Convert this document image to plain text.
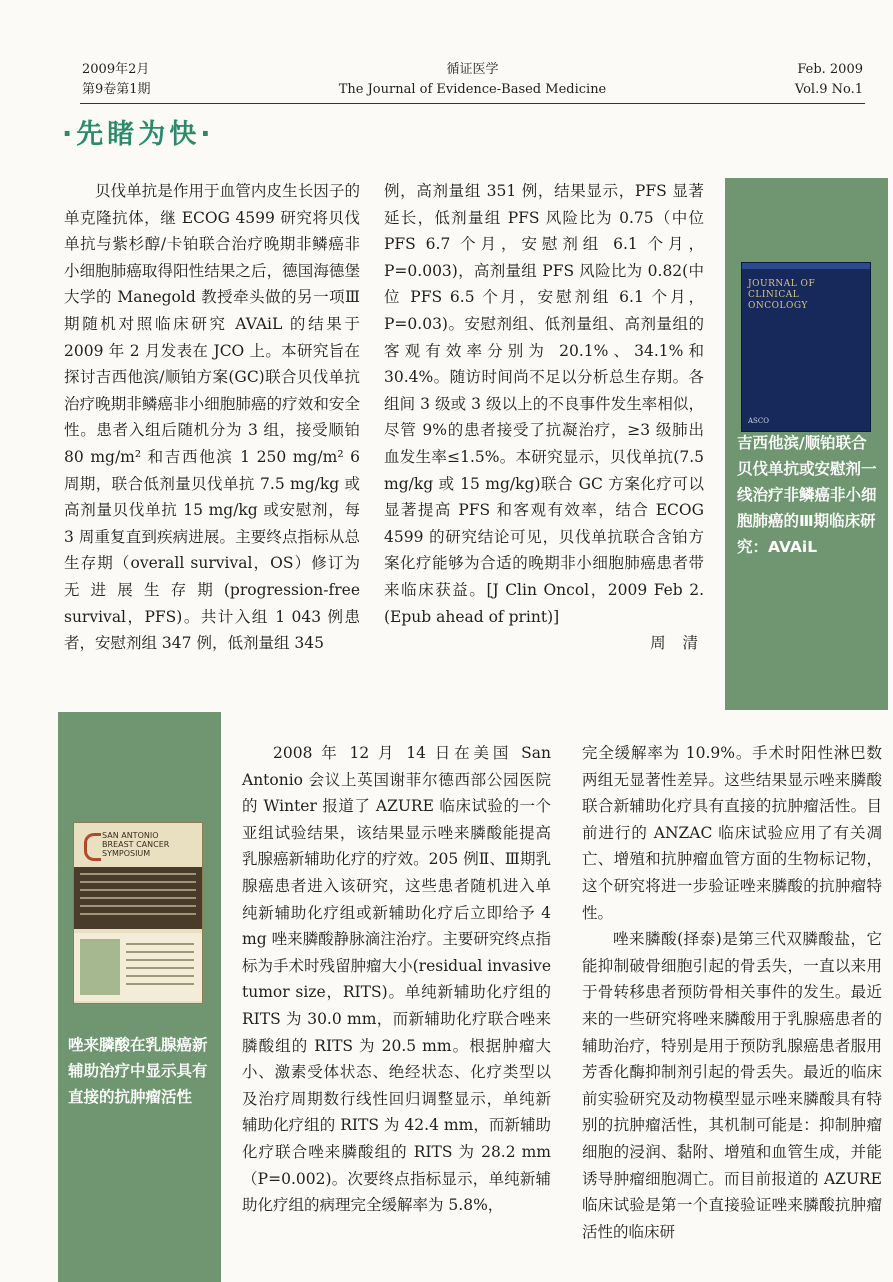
2009年2月
第9卷第1期
循证医学
The Journal of Evidence-Based Medicine
Feb. 2009
Vol.9 No.1
·先睹为快·

贝伐单抗是作用于血管内皮生长因子的单克隆抗体，继 ECOG 4599 研究将贝伐单抗与紫杉醇/卡铂联合治疗晚期非鳞癌非小细胞肺癌取得阳性结果之后，德国海德堡大学的 Manegold 教授牵头做的另一项Ⅲ期随机对照临床研究 AVAiL 的结果于 2009 年 2 月发表在 JCO 上。本研究旨在探讨吉西他滨/顺铂方案(GC)联合贝伐单抗治疗晚期非鳞癌非小细胞肺癌的疗效和安全性。患者入组后随机分为 3 组，接受顺铂 80 mg/m² 和吉西他滨 1 250 mg/m² 6 周期，联合低剂量贝伐单抗 7.5 mg/kg 或高剂量贝伐单抗 15 mg/kg 或安慰剂，每 3 周重复直到疾病进展。主要终点指标从总生存期（overall survival，OS）修订为无进展生存期(progression-free survival，PFS)。共计入组 1 043 例患者，安慰剂组 347 例，低剂量组 345

例，高剂量组 351 例，结果显示，PFS 显著延长，低剂量组 PFS 风险比为 0.75（中位 PFS 6.7 个月，安慰剂组 6.1 个月，P=0.003)，高剂量组 PFS 风险比为 0.82(中位 PFS 6.5 个月，安慰剂组 6.1 个月，P=0.03)。安慰剂组、低剂量组、高剂量组的客观有效率分别为 20.1%、34.1%和 30.4%。随访时间尚不足以分析总生存期。各组间 3 级或 3 级以上的不良事件发生率相似，尽管 9%的患者接受了抗凝治疗，≥3 级肺出血发生率≤1.5%。本研究显示，贝伐单抗(7.5 mg/kg 或 15 mg/kg)联合 GC 方案化疗可以显著提高 PFS 和客观有效率，结合 ECOG 4599 的研究结论可见，贝伐单抗联合含铂方案化疗能够为合适的晚期非小细胞肺癌患者带来临床获益。[J Clin Oncol，2009 Feb 2. (Epub ahead of print)]

周 清
JOURNAL OF CLINICAL ONCOLOGY
ASCO
吉西他滨/顺铂联合贝伐单抗或安慰剂一线治疗非鳞癌非小细胞肺癌的Ⅲ期临床研究：AVAiL
SAN ANTONIO BREAST CANCER SYMPOSIUM
唑来膦酸在乳腺癌新辅助治疗中显示具有直接的抗肿瘤活性

2008 年 12 月 14 日在美国 San Antonio 会议上英国谢菲尔德西部公园医院的 Winter 报道了 AZURE 临床试验的一个亚组试验结果，该结果显示唑来膦酸能提高乳腺癌新辅助化疗的疗效。205 例Ⅱ、Ⅲ期乳腺癌患者进入该研究，这些患者随机进入单纯新辅助化疗组或新辅助化疗后立即给予 4 mg 唑来膦酸静脉滴注治疗。主要研究终点指标为手术时残留肿瘤大小(residual invasive tumor size，RITS)。单纯新辅助化疗组的 RITS 为 30.0 mm，而新辅助化疗联合唑来膦酸组的 RITS 为 20.5 mm。根据肿瘤大小、激素受体状态、绝经状态、化疗类型以及治疗周期数行线性回归调整显示，单纯新辅助化疗组的 RITS 为 42.4 mm，而新辅助化疗联合唑来膦酸组的 RITS 为 28.2 mm（P=0.002)。次要终点指标显示，单纯新辅助化疗组的病理完全缓解率为 5.8%，

完全缓解率为 10.9%。手术时阳性淋巴数两组无显著性差异。这些结果显示唑来膦酸联合新辅助化疗具有直接的抗肿瘤活性。目前进行的 ANZAC 临床试验应用了有关凋亡、增殖和抗肿瘤血管方面的生物标记物，这个研究将进一步验证唑来膦酸的抗肿瘤特性。

唑来膦酸(择泰)是第三代双膦酸盐，它能抑制破骨细胞引起的骨丢失，一直以来用于骨转移患者预防骨相关事件的发生。最近来的一些研究将唑来膦酸用于乳腺癌患者的辅助治疗，特别是用于预防乳腺癌患者服用芳香化酶抑制剂引起的骨丢失。最近的临床前实验研究及动物模型显示唑来膦酸具有特别的抗肿瘤活性，其机制可能是：抑制肿瘤细胞的浸润、黏附、增殖和血管生成，并能诱导肿瘤细胞凋亡。而目前报道的 AZURE 临床试验是第一个直接验证唑来膦酸抗肿瘤活性的临床研
